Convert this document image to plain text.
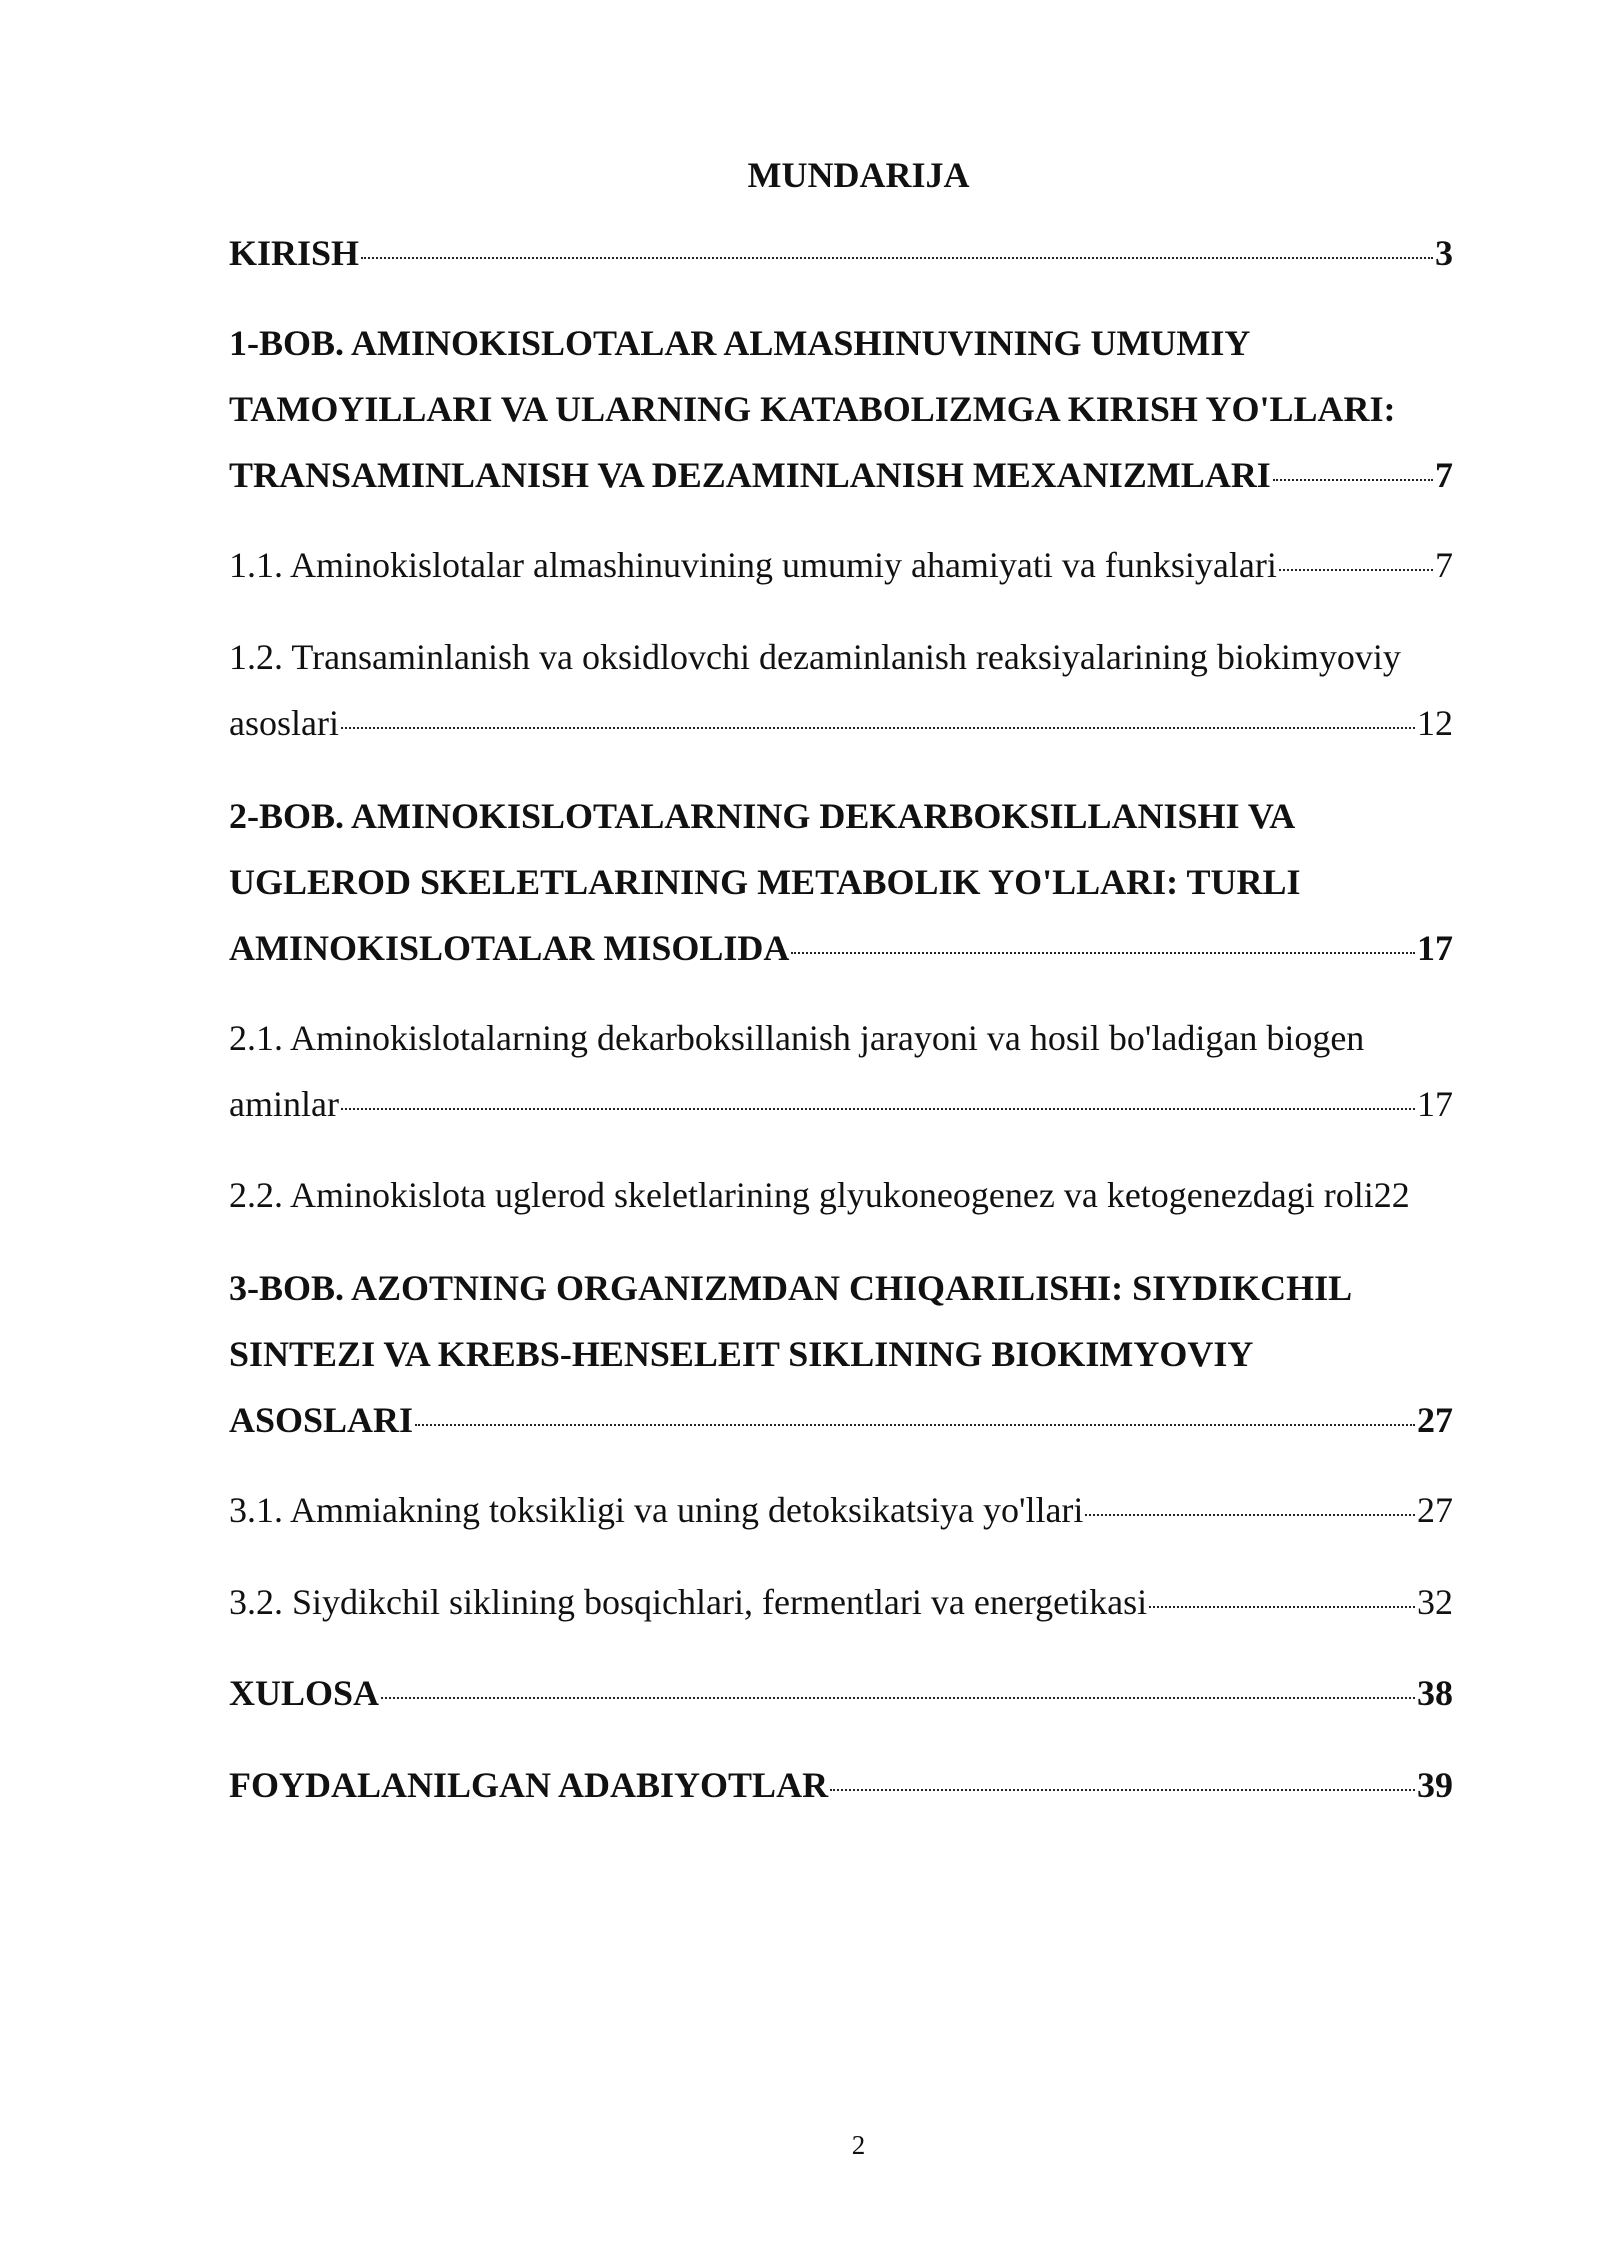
MUNDARIJA
KIRISH	3
1-BOB. AMINOKISLOTALAR ALMASHINUVINING UMUMIY
TAMOYILLARI VA ULARNING KATABOLIZMGA KIRISH YO'LLARI:
TRANSAMINLANISH VA DEZAMINLANISH MEXANIZMLARI	7
1.1. Aminokislotalar almashinuvining umumiy ahamiyati va funksiyalari	7
1.2. Transaminlanish va oksidlovchi dezaminlanish reaksiyalarining biokimyoviy
asoslari	12
2-BOB. AMINOKISLOTALARNING DEKARBOKSILLANISHI VA
UGLEROD SKELETLARINING METABOLIK YO'LLARI: TURLI
AMINOKISLOTALAR MISOLIDA	17
2.1. Aminokislotalarning dekarboksillanish jarayoni va hosil bo'ladigan biogen
aminlar	17
2.2. Aminokislota uglerod skeletlarining glyukoneogenez va ketogenezdagi roli 22
3-BOB. AZOTNING ORGANIZMDAN CHIQARILISHI: SIYDIKCHIL
SINTEZI VA KREBS-HENSELEIT SIKLINING BIOKIMYOVIY
ASOSLARI	27
3.1. Ammiakning toksikligi va uning detoksikatsiya yo'llari	27
3.2. Siydikchil siklining bosqichlari, fermentlari va energetikasi	32
XULOSA	38
FOYDALANILGAN ADABIYOTLAR	39
2
